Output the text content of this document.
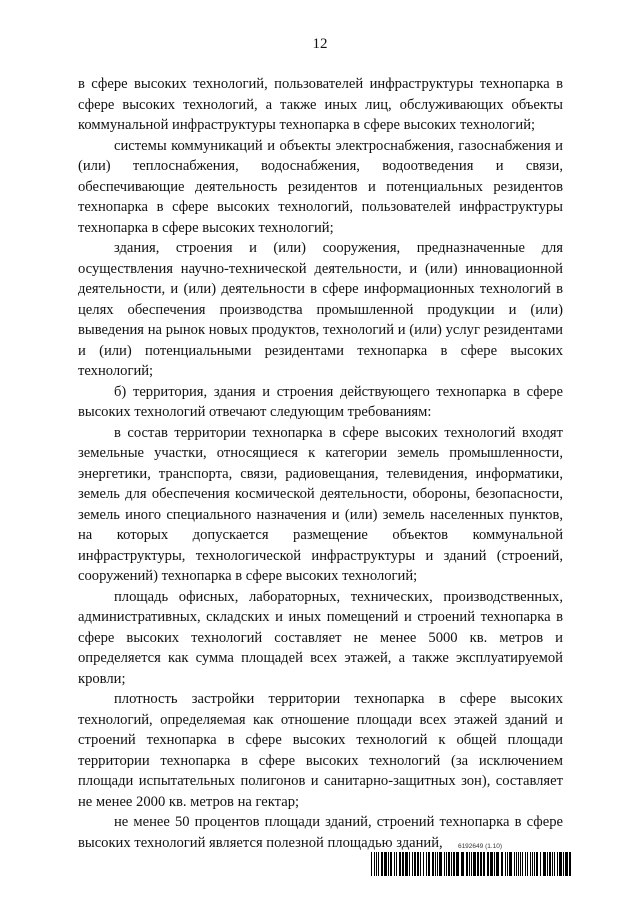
12

в сфере высоких технологий, пользователей инфраструктуры технопарка в сфере высоких технологий, а также иных лиц, обслуживающих объекты коммунальной инфраструктуры технопарка в сфере высоких технологий;

системы коммуникаций и объекты электроснабжения, газоснабжения и (или) теплоснабжения, водоснабжения, водоотведения и связи, обеспечивающие деятельность резидентов и потенциальных резидентов технопарка в сфере высоких технологий, пользователей инфраструктуры технопарка в сфере высоких технологий;

здания, строения и (или) сооружения, предназначенные для осуществления научно-технической деятельности, и (или) инновационной деятельности, и (или) деятельности в сфере информационных технологий в целях обеспечения производства промышленной продукции и (или) выведения на рынок новых продуктов, технологий и (или) услуг резидентами и (или) потенциальными резидентами технопарка в сфере высоких технологий;

б) территория, здания и строения действующего технопарка в сфере высоких технологий отвечают следующим требованиям:

в состав территории технопарка в сфере высоких технологий входят земельные участки, относящиеся к категории земель промышленности, энергетики, транспорта, связи, радиовещания, телевидения, информатики, земель для обеспечения космической деятельности, обороны, безопасности, земель иного специального назначения и (или) земель населенных пунктов, на которых допускается размещение объектов коммунальной инфраструктуры, технологической инфраструктуры и зданий (строений, сооружений) технопарка в сфере высоких технологий;

площадь офисных, лабораторных, технических, производственных, административных, складских и иных помещений и строений технопарка в сфере высоких технологий составляет не менее 5000 кв. метров и определяется как сумма площадей всех этажей, а также эксплуатируемой кровли;

плотность застройки территории технопарка в сфере высоких технологий, определяемая как отношение площади всех этажей зданий и строений технопарка в сфере высоких технологий к общей площади территории технопарка в сфере высоких технологий (за исключением площади испытательных полигонов и санитарно-защитных зон), составляет не менее 2000 кв. метров на гектар;

не менее 50 процентов площади зданий, строений технопарка в сфере высоких технологий является полезной площадью зданий,	6192649 (1.10)
